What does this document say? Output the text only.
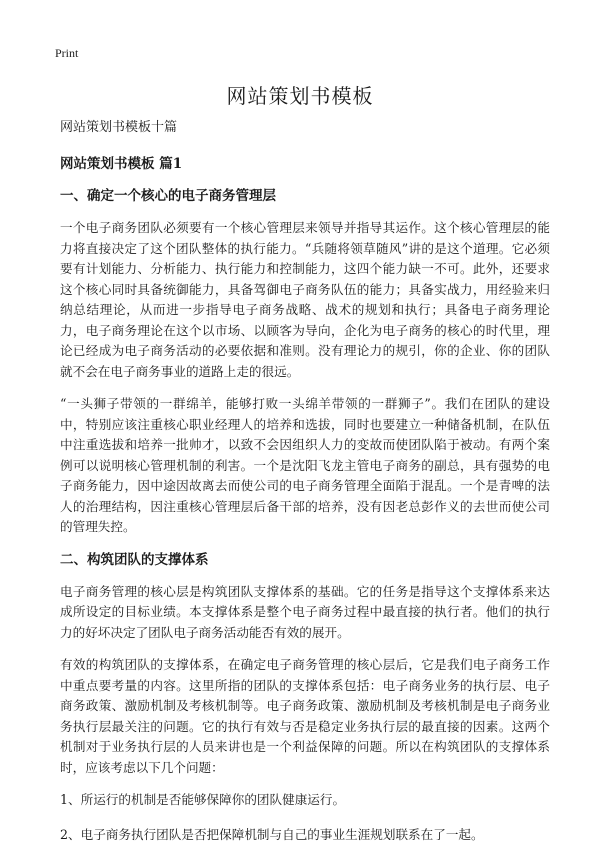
Print
网站策划书模板

网站策划书模板十篇

网站策划书模板 篇1

一、确定一个核心的电子商务管理层

一个电子商务团队必须要有一个核心管理层来领导并指导其运作。这个核心管理层的能力将直接决定了这个团队整体的执行能力。“兵随将领草随风”讲的是这个道理。它必须要有计划能力、分析能力、执行能力和控制能力，这四个能力缺一不可。此外，还要求这个核心同时具备统御能力，具备驾御电子商务队伍的能力；具备实战力，用经验来归纳总结理论，从而进一步指导电子商务战略、战术的规划和执行；具备电子商务理论力，电子商务理论在这个以市场、以顾客为导向，企化为电子商务的核心的时代里，理论已经成为电子商务活动的必要依据和准则。没有理论力的规引，你的企业、你的团队就不会在电子商务事业的道路上走的很远。

“一头狮子带领的一群绵羊，能够打败一头绵羊带领的一群狮子”。我们在团队的建设中，特别应该注重核心职业经理人的培养和选拔，同时也要建立一种储备机制，在队伍中注重选拔和培养一批帅才，以致不会因组织人力的变故而使团队陷于被动。有两个案例可以说明核心管理机制的利害。一个是沈阳飞龙主管电子商务的副总，具有强势的电子商务能力，因中途因故离去而使公司的电子商务管理全面陷于混乱。一个是青啤的法人的治理结构，因注重核心管理层后备干部的培养，没有因老总彭作义的去世而使公司的管理失控。

二、构筑团队的支撑体系

电子商务管理的核心层是构筑团队支撑体系的基础。它的任务是指导这个支撑体系来达成所设定的目标业绩。本支撑体系是整个电子商务过程中最直接的执行者。他们的执行力的好坏决定了团队电子商务活动能否有效的展开。

有效的构筑团队的支撑体系，在确定电子商务管理的核心层后，它是我们电子商务工作中重点要考量的内容。这里所指的团队的支撑体系包括：电子商务业务的执行层、电子商务政策、激励机制及考核机制等。电子商务政策、激励机制及考核机制是电子商务业务执行层最关注的问题。它的执行有效与否是稳定业务执行层的最直接的因素。这两个机制对于业务执行层的人员来讲也是一个利益保障的问题。所以在构筑团队的支撑体系时，应该考虑以下几个问题：

1、所运行的机制是否能够保障你的团队健康运行。

2、电子商务执行团队是否把保障机制与自己的事业生涯规划联系在了一起。
